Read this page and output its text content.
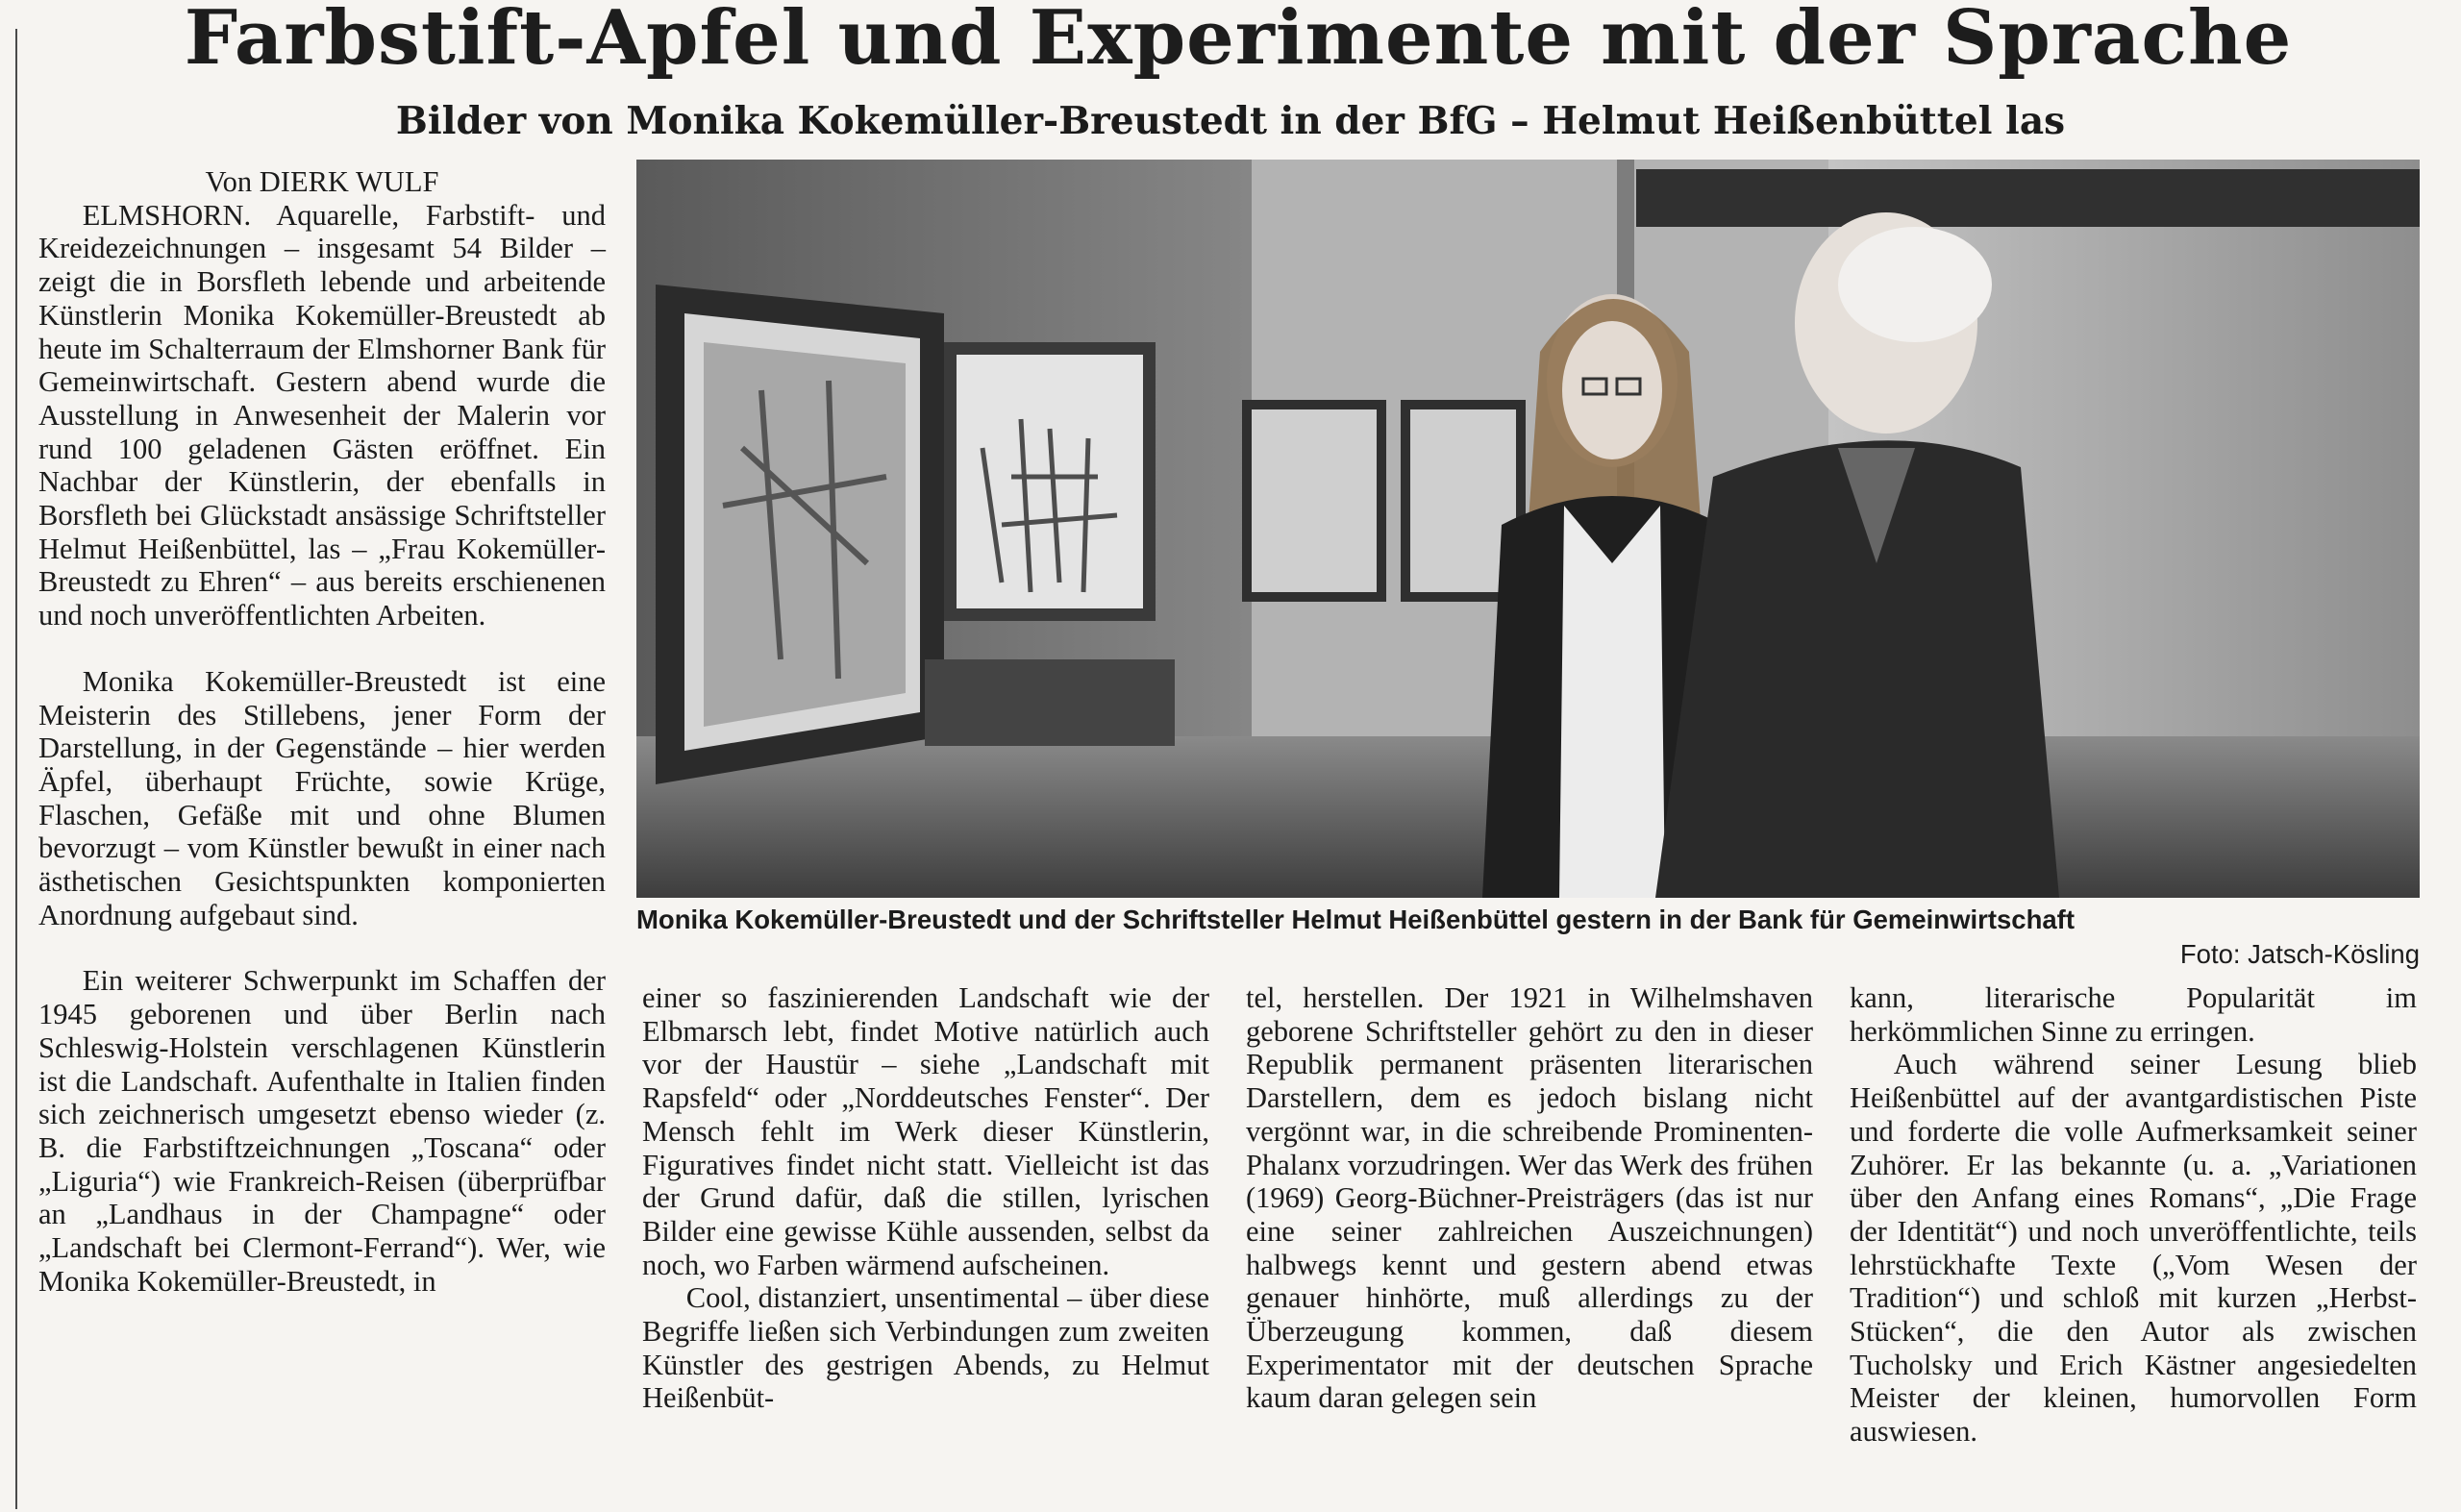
Farbstift-Apfel und Experimente mit der Sprache
Bilder von Monika Kokemüller-Breustedt in der BfG – Helmut Heißenbüttel las

Von DIERK WULF

ELMSHORN. Aquarelle, Farbstift- und Kreidezeichnungen – insgesamt 54 Bilder – zeigt die in Borsfleth lebende und arbeitende Künstlerin Monika Kokemüller-Breustedt ab heute im Schalterraum der Elmshorner Bank für Gemeinwirtschaft. Gestern abend wurde die Ausstellung in Anwesenheit der Malerin vor rund 100 geladenen Gästen eröffnet. Ein Nachbar der Künstlerin, der ebenfalls in Borsfleth bei Glückstadt ansässige Schriftsteller Helmut Heißenbüttel, las – „Frau Kokemüller-Breustedt zu Ehren“ – aus bereits erschienenen und noch unveröffentlichten Arbeiten.

Monika Kokemüller-Breustedt ist eine Meisterin des Stillebens, jener Form der Darstellung, in der Gegenstände – hier werden Äpfel, überhaupt Früchte, sowie Krüge, Flaschen, Gefäße mit und ohne Blumen bevorzugt – vom Künstler bewußt in einer nach ästhetischen Gesichtspunkten komponierten Anordnung aufgebaut sind.

Ein weiterer Schwerpunkt im Schaffen der 1945 geborenen und über Berlin nach Schleswig-Holstein verschlagenen Künstlerin ist die Landschaft. Aufenthalte in Italien finden sich zeichnerisch umgesetzt ebenso wieder (z. B. die Farbstiftzeichnungen „Toscana“ oder „Liguria“) wie Frankreich-Reisen (überprüfbar an „Landhaus in der Champagne“ oder „Landschaft bei Clermont-Ferrand“). Wer, wie Monika Kokemüller-Breustedt, in

Monika Kokemüller-Breustedt und der Schriftsteller Helmut Heißenbüttel gestern in der Bank für Gemeinwirtschaft

Foto: Jatsch-Kösling

einer so faszinierenden Landschaft wie der Elbmarsch lebt, findet Motive natürlich auch vor der Haustür – siehe „Landschaft mit Rapsfeld“ oder „Norddeutsches Fenster“. Der Mensch fehlt im Werk dieser Künstlerin, Figuratives findet nicht statt. Vielleicht ist das der Grund dafür, daß die stillen, lyrischen Bilder eine gewisse Kühle aussenden, selbst da noch, wo Farben wärmend aufscheinen.

Cool, distanziert, unsentimental – über diese Begriffe ließen sich Verbindungen zum zweiten Künstler des gestrigen Abends, zu Helmut Heißenbüt-

tel, herstellen. Der 1921 in Wilhelmshaven geborene Schriftsteller gehört zu den in dieser Republik permanent präsenten literarischen Darstellern, dem es jedoch bislang nicht vergönnt war, in die schreibende Prominenten-Phalanx vorzudringen. Wer das Werk des frühen (1969) Georg-Büchner-Preisträgers (das ist nur eine seiner zahlreichen Auszeichnungen) halbwegs kennt und gestern abend etwas genauer hinhörte, muß allerdings zu der Überzeugung kommen, daß diesem Experimentator mit der deutschen Sprache kaum daran gelegen sein

kann, literarische Popularität im herkömmlichen Sinne zu erringen.

Auch während seiner Lesung blieb Heißenbüttel auf der avantgardistischen Piste und forderte die volle Aufmerksamkeit seiner Zuhörer. Er las bekannte (u. a. „Variationen über den Anfang eines Romans“, „Die Frage der Identität“) und noch unveröffentlichte, teils lehrstückhafte Texte („Vom Wesen der Tradition“) und schloß mit kurzen „Herbst-Stücken“, die den Autor als zwischen Tucholsky und Erich Kästner angesiedelten Meister der kleinen, humorvollen Form auswiesen.
